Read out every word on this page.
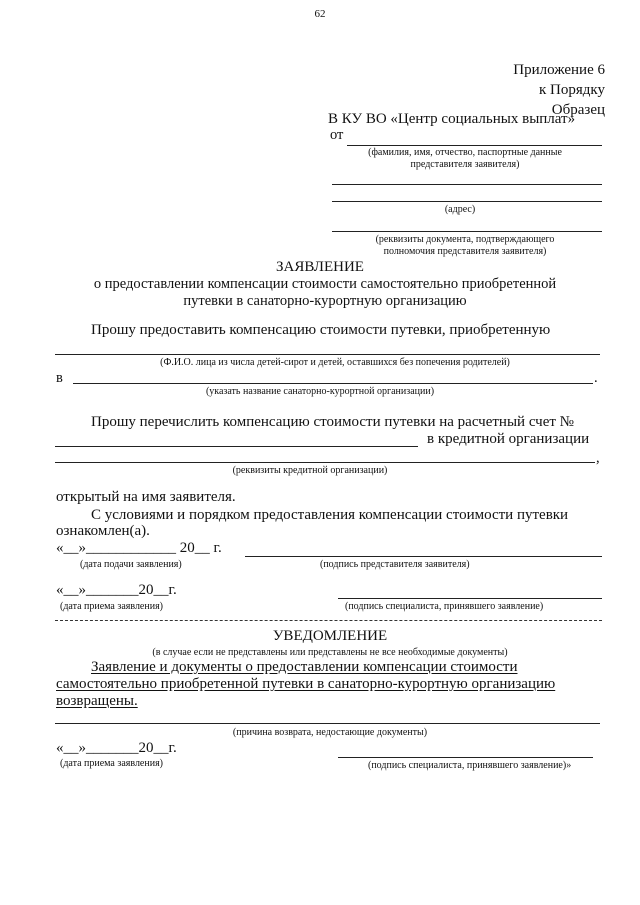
62
Приложение 6
к Порядку
Образец
В КУ ВО «Центр социальных выплат»
от
(фамилия, имя, отчество, паспортные данные
представителя заявителя)
(адрес)
(реквизиты документа, подтверждающего
полномочия представителя заявителя)
ЗАЯВЛЕНИЕ
о предоставлении компенсации стоимости самостоятельно приобретенной
путевки в санаторно-курортную организацию
Прошу предоставить компенсацию стоимости путевки, приобретенную
(Ф.И.О. лица из числа детей-сирот и детей, оставшихся без попечения родителей)
в	.
(указать название санаторно-курортной организации)
Прошу перечислить компенсацию стоимости путевки на расчетный счет №
в кредитной организации
,
(реквизиты кредитной организации)
открытый на имя заявителя.
С условиями и порядком предоставления компенсации стоимости путевки
ознакомлен(а).
«__»____________ 20__ г.
(дата подачи заявления)	(подпись представителя заявителя)
«__»_______20__г.
(дата приема заявления)	(подпись специалиста, принявшего заявление)
УВЕДОМЛЕНИЕ
(в случае если не представлены или представлены не все необходимые документы)
Заявление и документы о предоставлении компенсации стоимости
самостоятельно приобретенной путевки в санаторно-курортную организацию
возвращены.
(причина возврата, недостающие документы)
«__»_______20__г.
(дата приема заявления)	(подпись специалиста, принявшего заявление)»
